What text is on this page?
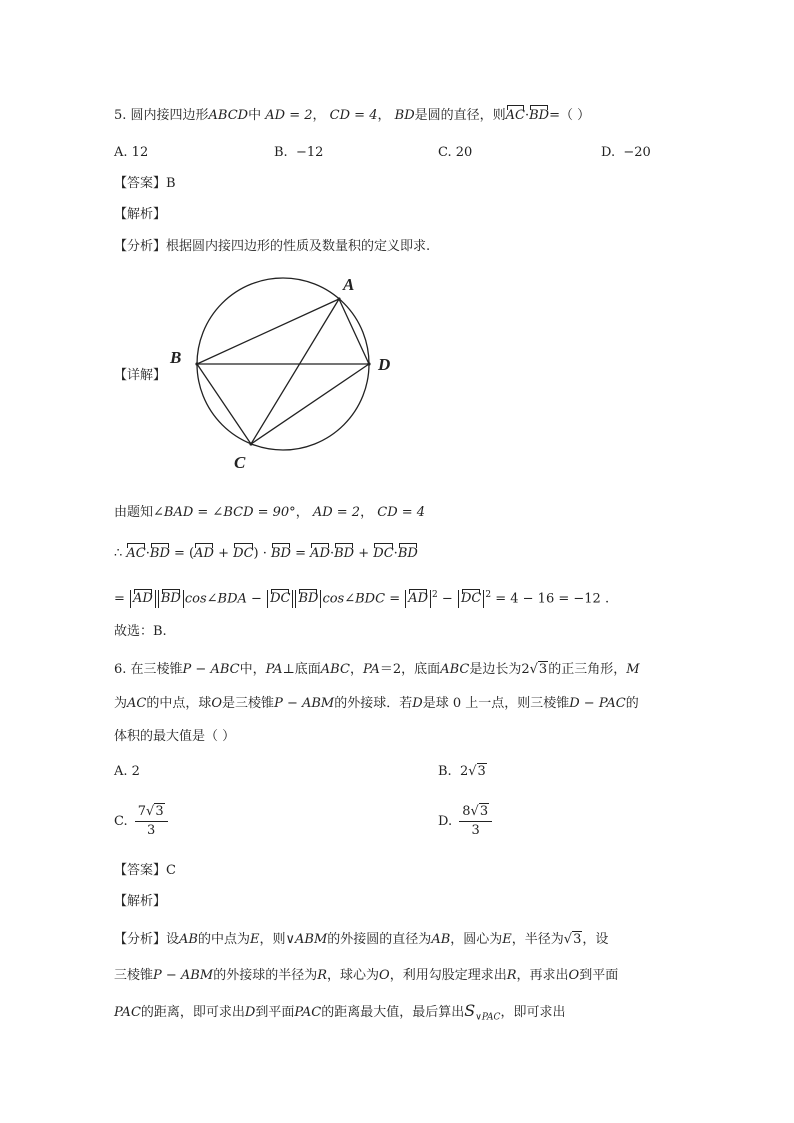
5. 圆内接四边形ABCD中 AD = 2， CD = 4， BD是圆的直径，则AC·BD=（ ）
A. 12	B. −12	C. 20	D. −20
【答案】B
【解析】
【分析】根据圆内接四边形的性质及数量积的定义即求.
【详解】
A
B
C
D
由题知∠BAD = ∠BCD = 90°， AD = 2， CD = 4
∴ AC·BD = (AD + DC) · BD = AD·BD + DC·BD
= AD BD cos∠BDA − DC BD cos∠BDC = AD $^2$ − DC $^2$ = 4 − 16 = −12 .
故选：B.
6. 在三棱锥P − ABC中，PA⊥底面ABC，PA＝2，底面ABC是边长为2√3的正三角形，M
为AC的中点，球O是三棱锥P − ABM的外接球．若D是球 0 上一点，则三棱锥D − PAC的
体积的最大值是（ ）
A. 2	B. 2√3
C. $\frac{7√3}{3}$	D. $\frac{8√3}{3}$
【答案】C
【解析】
【分析】设AB的中点为E，则∨ABM的外接圆的直径为AB，圆心为E，半径为√3，设
三棱锥P − ABM的外接球的半径为R，球心为O，利用勾股定理求出R，再求出O到平面
PAC的距离，即可求出D到平面PAC的距离最大值，最后算出$S_{\vee PAC}$，即可求出
